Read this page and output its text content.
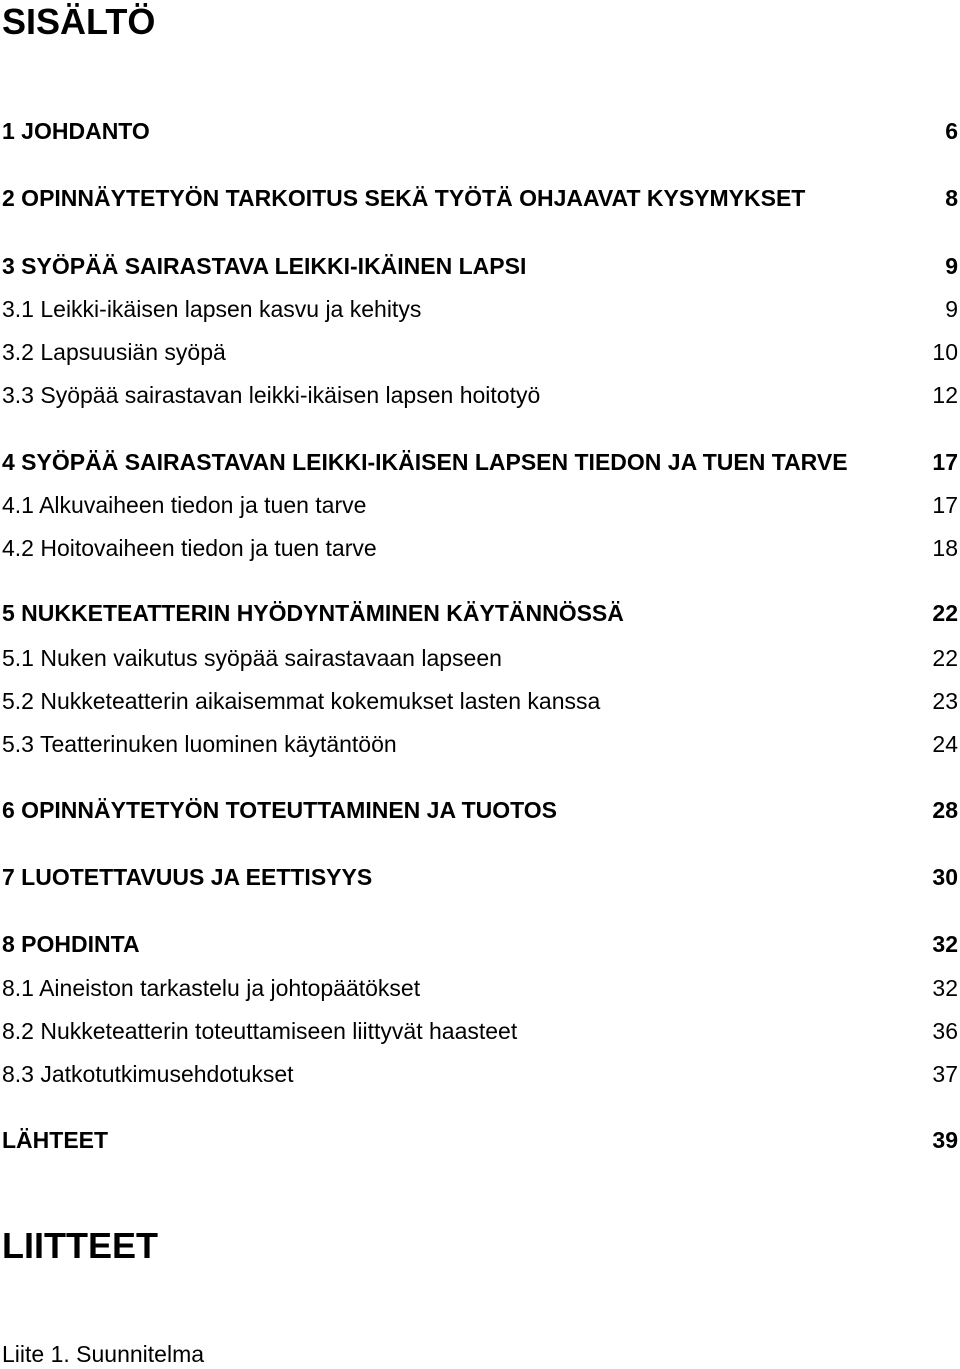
SISÄLTÖ
1 JOHDANTO	6
2 OPINNÄYTETYÖN TARKOITUS SEKÄ TYÖTÄ OHJAAVAT KYSYMYKSET	8
3 SYÖPÄÄ SAIRASTAVA LEIKKI-IKÄINEN LAPSI	9
3.1 Leikki-ikäisen lapsen kasvu ja kehitys	9
3.2 Lapsuusiän syöpä	10
3.3 Syöpää sairastavan leikki-ikäisen lapsen hoitotyö	12
4 SYÖPÄÄ SAIRASTAVAN LEIKKI-IKÄISEN LAPSEN TIEDON JA TUEN TARVE	17
4.1 Alkuvaiheen tiedon ja tuen tarve	17
4.2 Hoitovaiheen tiedon ja tuen tarve	18
5 NUKKETEATTERIN HYÖDYNTÄMINEN KÄYTÄNNÖSSÄ	22
5.1 Nuken vaikutus syöpää sairastavaan lapseen	22
5.2 Nukketeatterin aikaisemmat kokemukset lasten kanssa	23
5.3 Teatterinuken luominen käytäntöön	24
6 OPINNÄYTETYÖN TOTEUTTAMINEN JA TUOTOS	28
7 LUOTETTAVUUS JA EETTISYYS	30
8 POHDINTA	32
8.1 Aineiston tarkastelu ja johtopäätökset	32
8.2 Nukketeatterin toteuttamiseen liittyvät haasteet	36
8.3 Jatkotutkimusehdotukset	37
LÄHTEET	39
LIITTEET
Liite 1. Suunnitelma
